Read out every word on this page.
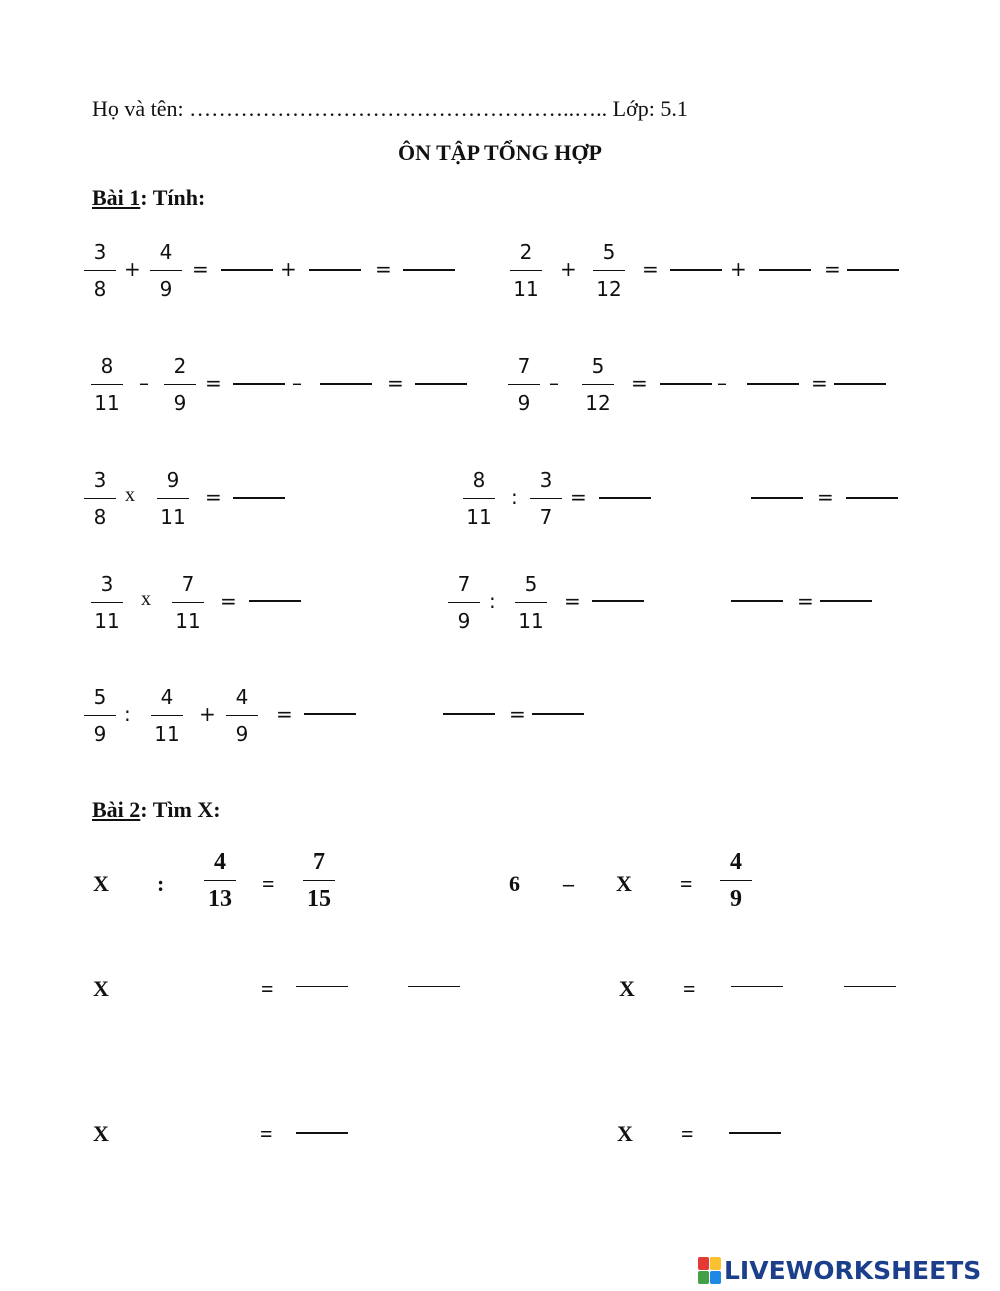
Họ và tên: ……………………………………………..….. Lớp: 5.1
ÔN TẬP TỔNG HỢP
Bài 1: Tính:
3
8
+
4
9
=	+	=
2
11
+
5
12
=	+	=
8
11
–
2
9
=	–	=
7
9
–
5
12
=	–	=
3
8
x
9
11
=
8
11
:
3
7
=	=
3
11
x
7
11
=
7
9
:
5
11
=	=
5
9
:
4
11
+
4
9
=	=
Bài 2: Tìm X:
X :
4
13
=
7
15
6 – X =
4
9
X	=	X =
X	=	X =
LIVEWORKSHEETS
